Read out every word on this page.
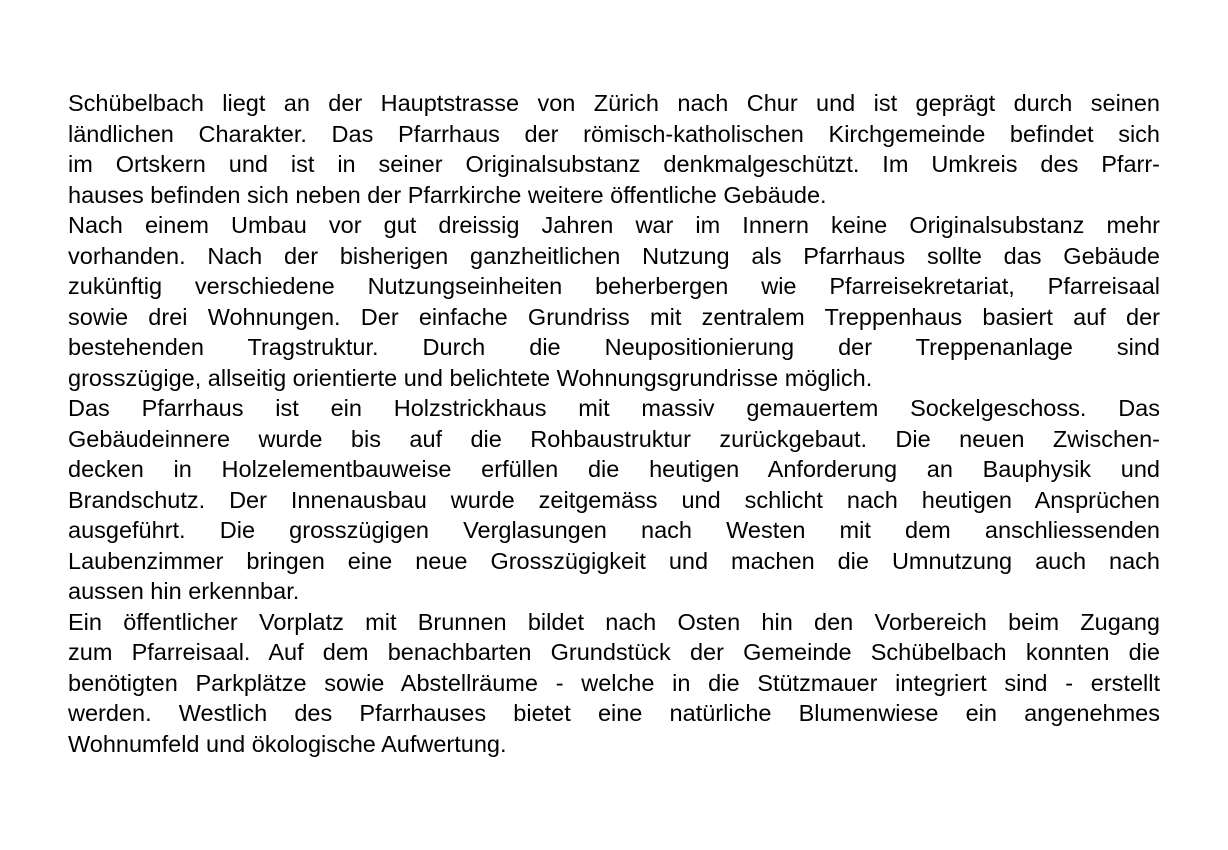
Schübelbach liegt an der Hauptstrasse von Zürich nach Chur und ist geprägt durch seinen
ländlichen Charakter. Das Pfarrhaus der römisch-katholischen Kirchgemeinde befindet sich
im Ortskern und ist in seiner Originalsubstanz denkmalgeschützt. Im Umkreis des Pfarr-
hauses befinden sich neben der Pfarrkirche weitere öffentliche Gebäude.
Nach einem Umbau vor gut dreissig Jahren war im Innern keine Originalsubstanz mehr
vorhanden. Nach der bisherigen ganzheitlichen Nutzung als Pfarrhaus sollte das Gebäude
zukünftig verschiedene Nutzungseinheiten beherbergen wie Pfarreisekretariat, Pfarreisaal
sowie drei Wohnungen. Der einfache Grundriss mit zentralem Treppenhaus basiert auf der
bestehenden Tragstruktur. Durch die Neupositionierung der Treppenanlage sind
grosszügige, allseitig orientierte und belichtete Wohnungsgrundrisse möglich.
Das Pfarrhaus ist ein Holzstrickhaus mit massiv gemauertem Sockelgeschoss. Das
Gebäudeinnere wurde bis auf die Rohbaustruktur zurückgebaut. Die neuen Zwischen-
decken in Holzelementbauweise erfüllen die heutigen Anforderung an Bauphysik und
Brandschutz. Der Innenausbau wurde zeitgemäss und schlicht nach heutigen Ansprüchen
ausgeführt. Die grosszügigen Verglasungen nach Westen mit dem anschliessenden
Laubenzimmer bringen eine neue Grosszügigkeit und machen die Umnutzung auch nach
aussen hin erkennbar.
Ein öffentlicher Vorplatz mit Brunnen bildet nach Osten hin den Vorbereich beim Zugang
zum Pfarreisaal. Auf dem benachbarten Grundstück der Gemeinde Schübelbach konnten die
benötigten Parkplätze sowie Abstellräume - welche in die Stützmauer integriert sind - erstellt
werden. Westlich des Pfarrhauses bietet eine natürliche Blumenwiese ein angenehmes
Wohnumfeld und ökologische Aufwertung.
